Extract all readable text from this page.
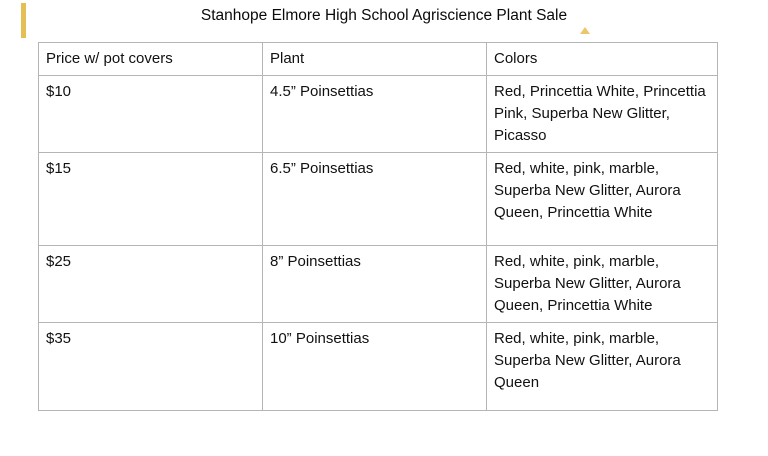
Stanhope Elmore High School Agriscience Plant Sale
Price w/ pot covers	Plant	Colors
$10	4.5” Poinsettias	Red, Princettia White, Princettia Pink, Superba New Glitter, Picasso
$15	6.5” Poinsettias	Red, white, pink, marble, Superba New Glitter, Aurora Queen, Princettia White
$25	8” Poinsettias	Red, white, pink, marble, Superba New Glitter, Aurora Queen, Princettia White
$35	10” Poinsettias	Red, white, pink, marble, Superba New Glitter, Aurora Queen
